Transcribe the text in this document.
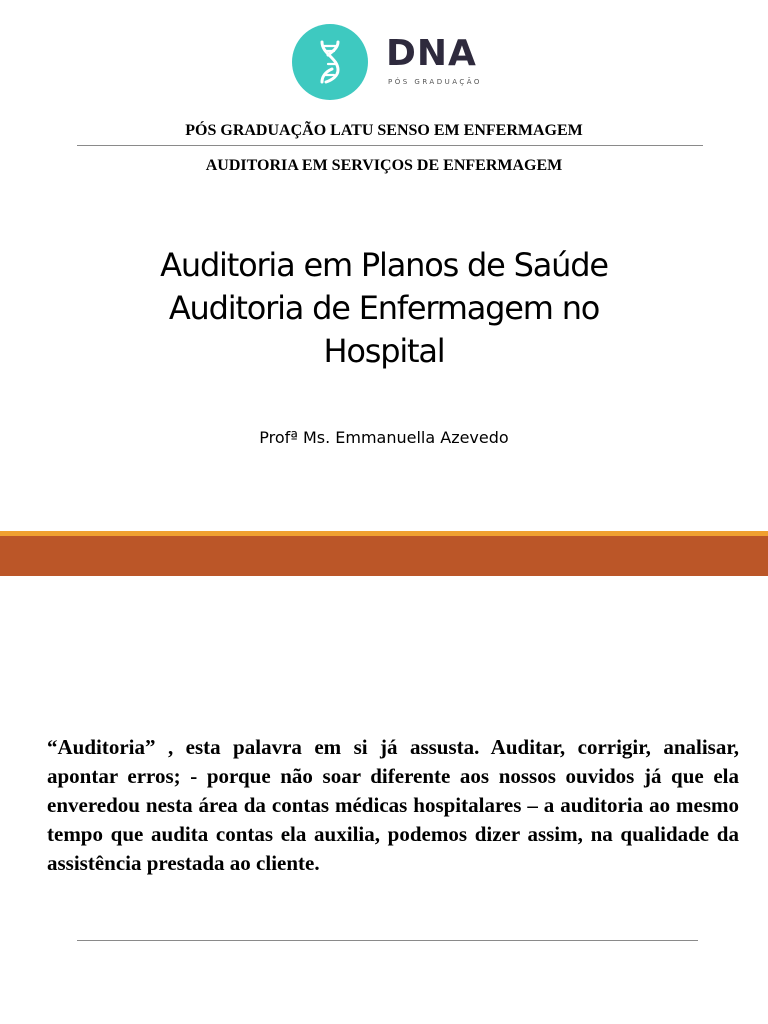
DNA
PÓS GRADUAÇÃO
PÓS GRADUAÇÃO LATU SENSO EM ENFERMAGEM
AUDITORIA EM SERVIÇOS DE ENFERMAGEM
Auditoria em Planos de Saúde
Auditoria de Enfermagem no
Hospital
Profª Ms. Emmanuella Azevedo
“Auditoria” , esta palavra em si já assusta. Auditar, corrigir, analisar, apontar erros; - porque não soar diferente aos nossos ouvidos já que ela enveredou nesta área da contas médicas hospitalares – a auditoria ao mesmo tempo que audita contas ela auxilia, podemos dizer assim, na qualidade da assistência prestada ao cliente.
